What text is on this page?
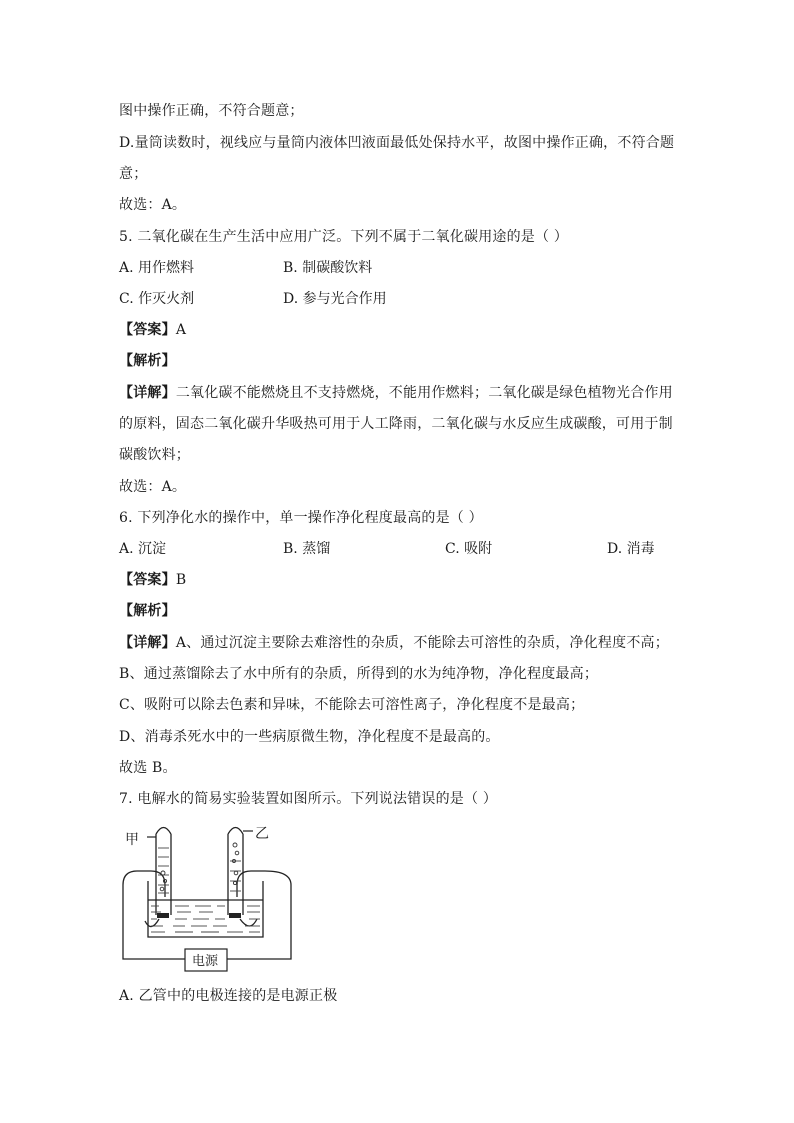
图中操作正确，不符合题意；
D.量筒读数时，视线应与量筒内液体凹液面最低处保持水平，故图中操作正确，不符合题
意；
故选：A。
5. 二氧化碳在生产生活中应用广泛。下列不属于二氧化碳用途的是（ ）
A. 用作燃料	B. 制碳酸饮料
C. 作灭火剂	D. 参与光合作用
【答案】A
【解析】
【详解】二氧化碳不能燃烧且不支持燃烧，不能用作燃料；二氧化碳是绿色植物光合作用
的原料，固态二氧化碳升华吸热可用于人工降雨，二氧化碳与水反应生成碳酸，可用于制
碳酸饮料；
故选：A。
6. 下列净化水的操作中，单一操作净化程度最高的是（ ）
A. 沉淀	B. 蒸馏	C. 吸附	D. 消毒
【答案】B
【解析】
【详解】A、通过沉淀主要除去难溶性的杂质，不能除去可溶性的杂质，净化程度不高；
B、通过蒸馏除去了水中所有的杂质，所得到的水为纯净物，净化程度最高；
C、吸附可以除去色素和异味，不能除去可溶性离子，净化程度不是最高；
D、消毒杀死水中的一些病原微生物，净化程度不是最高的。
故选 B。
7. 电解水的简易实验装置如图所示。下列说法错误的是（ ）
甲	乙
电源
A. 乙管中的电极连接的是电源正极
